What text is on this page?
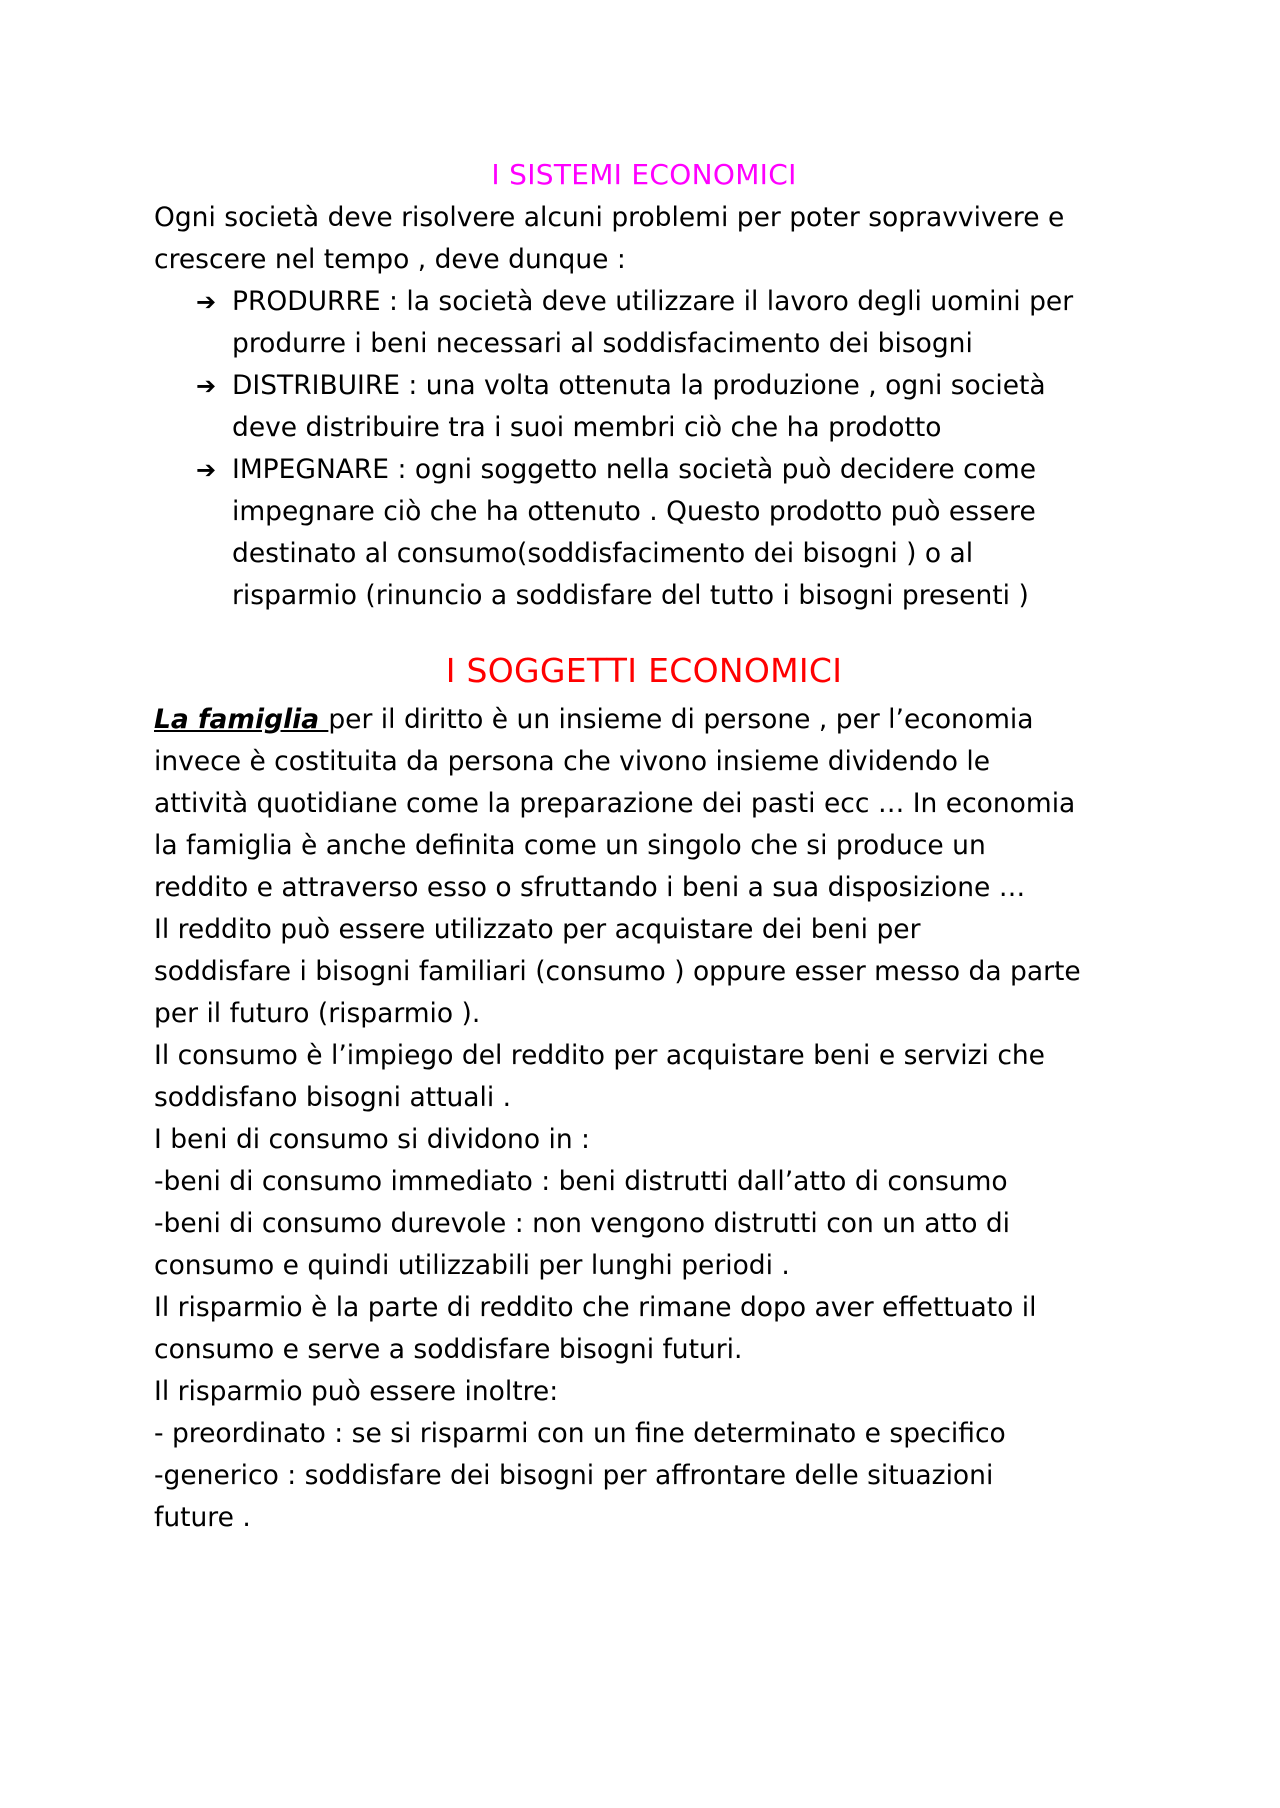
I SISTEMI ECONOMICI
Ogni società deve risolvere alcuni problemi per poter sopravvivere e
crescere nel tempo , deve dunque :
➔ PRODURRE : la società deve utilizzare il lavoro degli uomini per
produrre i beni necessari al soddisfacimento dei bisogni
➔ DISTRIBUIRE : una volta ottenuta la produzione , ogni società
deve distribuire tra i suoi membri ciò che ha prodotto
➔ IMPEGNARE : ogni soggetto nella società può decidere come
impegnare ciò che ha ottenuto . Questo prodotto può essere
destinato al consumo(soddisfacimento dei bisogni ) o al
risparmio (rinuncio a soddisfare del tutto i bisogni presenti )
I SOGGETTI ECONOMICI
La famiglia per il diritto è un insieme di persone , per l’economia
invece è costituita da persona che vivono insieme dividendo le
attività quotidiane come la preparazione dei pasti ecc … In economia
la famiglia è anche definita come un singolo che si produce un
reddito e attraverso esso o sfruttando i beni a sua disposizione …
Il reddito può essere utilizzato per acquistare dei beni per
soddisfare i bisogni familiari (consumo ) oppure esser messo da parte
per il futuro (risparmio ).
Il consumo è l’impiego del reddito per acquistare beni e servizi che
soddisfano bisogni attuali .
I beni di consumo si dividono in :
-beni di consumo immediato : beni distrutti dall’atto di consumo
-beni di consumo durevole : non vengono distrutti con un atto di
consumo e quindi utilizzabili per lunghi periodi .
Il risparmio è la parte di reddito che rimane dopo aver effettuato il
consumo e serve a soddisfare bisogni futuri.
Il risparmio può essere inoltre:
- preordinato : se si risparmi con un fine determinato e specifico
-generico : soddisfare dei bisogni per affrontare delle situazioni
future .
